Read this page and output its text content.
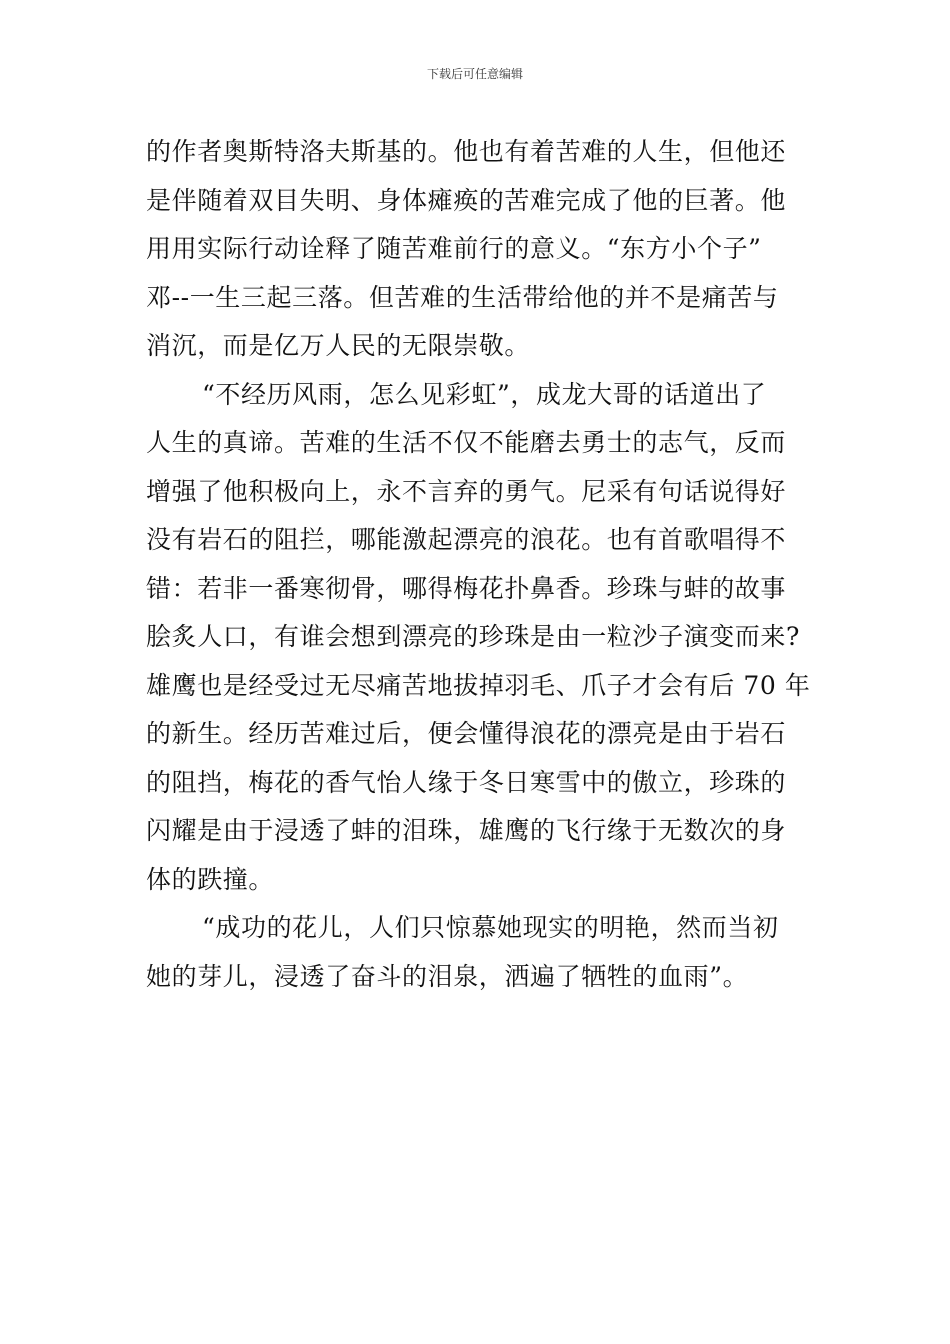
下载后可任意编辑
的作者奥斯特洛夫斯基的。他也有着苦难的人生，但他还
是伴随着双目失明、身体瘫痪的苦难完成了他的巨著。他
用用实际行动诠释了随苦难前行的意义。“东方小个子”
邓--一生三起三落。但苦难的生活带给他的并不是痛苦与
消沉，而是亿万人民的无限崇敬。
“不经历风雨，怎么见彩虹”，成龙大哥的话道出了
人生的真谛。苦难的生活不仅不能磨去勇士的志气，反而
增强了他积极向上，永不言弃的勇气。尼采有句话说得好
没有岩石的阻拦，哪能激起漂亮的浪花。也有首歌唱得不
错：若非一番寒彻骨，哪得梅花扑鼻香。珍珠与蚌的故事
脍炙人口，有谁会想到漂亮的珍珠是由一粒沙子演变而来?
雄鹰也是经受过无尽痛苦地拔掉羽毛、爪子才会有后 70 年
的新生。经历苦难过后，便会懂得浪花的漂亮是由于岩石
的阻挡，梅花的香气怡人缘于冬日寒雪中的傲立，珍珠的
闪耀是由于浸透了蚌的泪珠，雄鹰的飞行缘于无数次的身
体的跌撞。
“成功的花儿，人们只惊慕她现实的明艳，然而当初
她的芽儿，浸透了奋斗的泪泉，洒遍了牺牲的血雨”。
